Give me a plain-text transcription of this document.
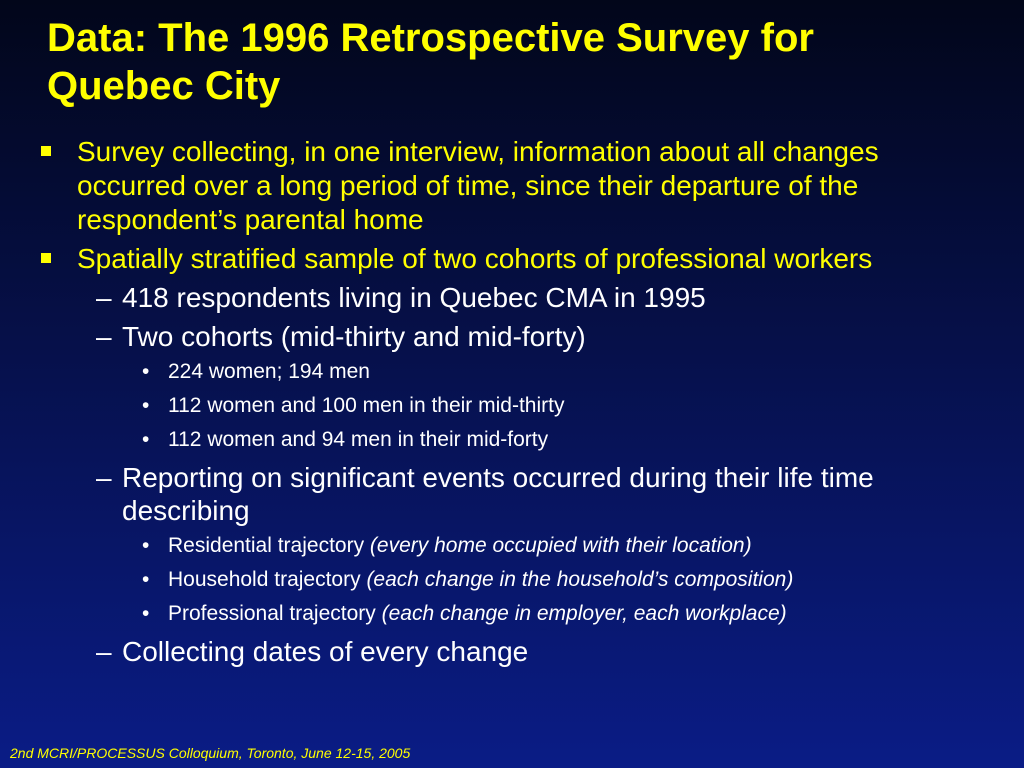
Data: The 1996 Retrospective Survey for
Quebec City
Survey collecting, in one interview, information about all changes occurred over a long period of time, since their departure of the respondent’s parental home
Spatially stratified sample of two cohorts of professional workers
– 418 respondents living in Quebec CMA in 1995
– Two cohorts (mid-thirty and mid-forty)
• 224 women; 194 men
• 112 women and 100 men in their mid-thirty
• 112 women and 94 men in their mid-forty
– Reporting on significant events occurred during their life time describing
• Residential trajectory (every home occupied with their location)
• Household trajectory (each change in the household’s composition)
• Professional trajectory (each change in employer, each workplace)
– Collecting dates of every change
2nd MCRI/PROCESSUS Colloquium, Toronto, June 12-15, 2005
